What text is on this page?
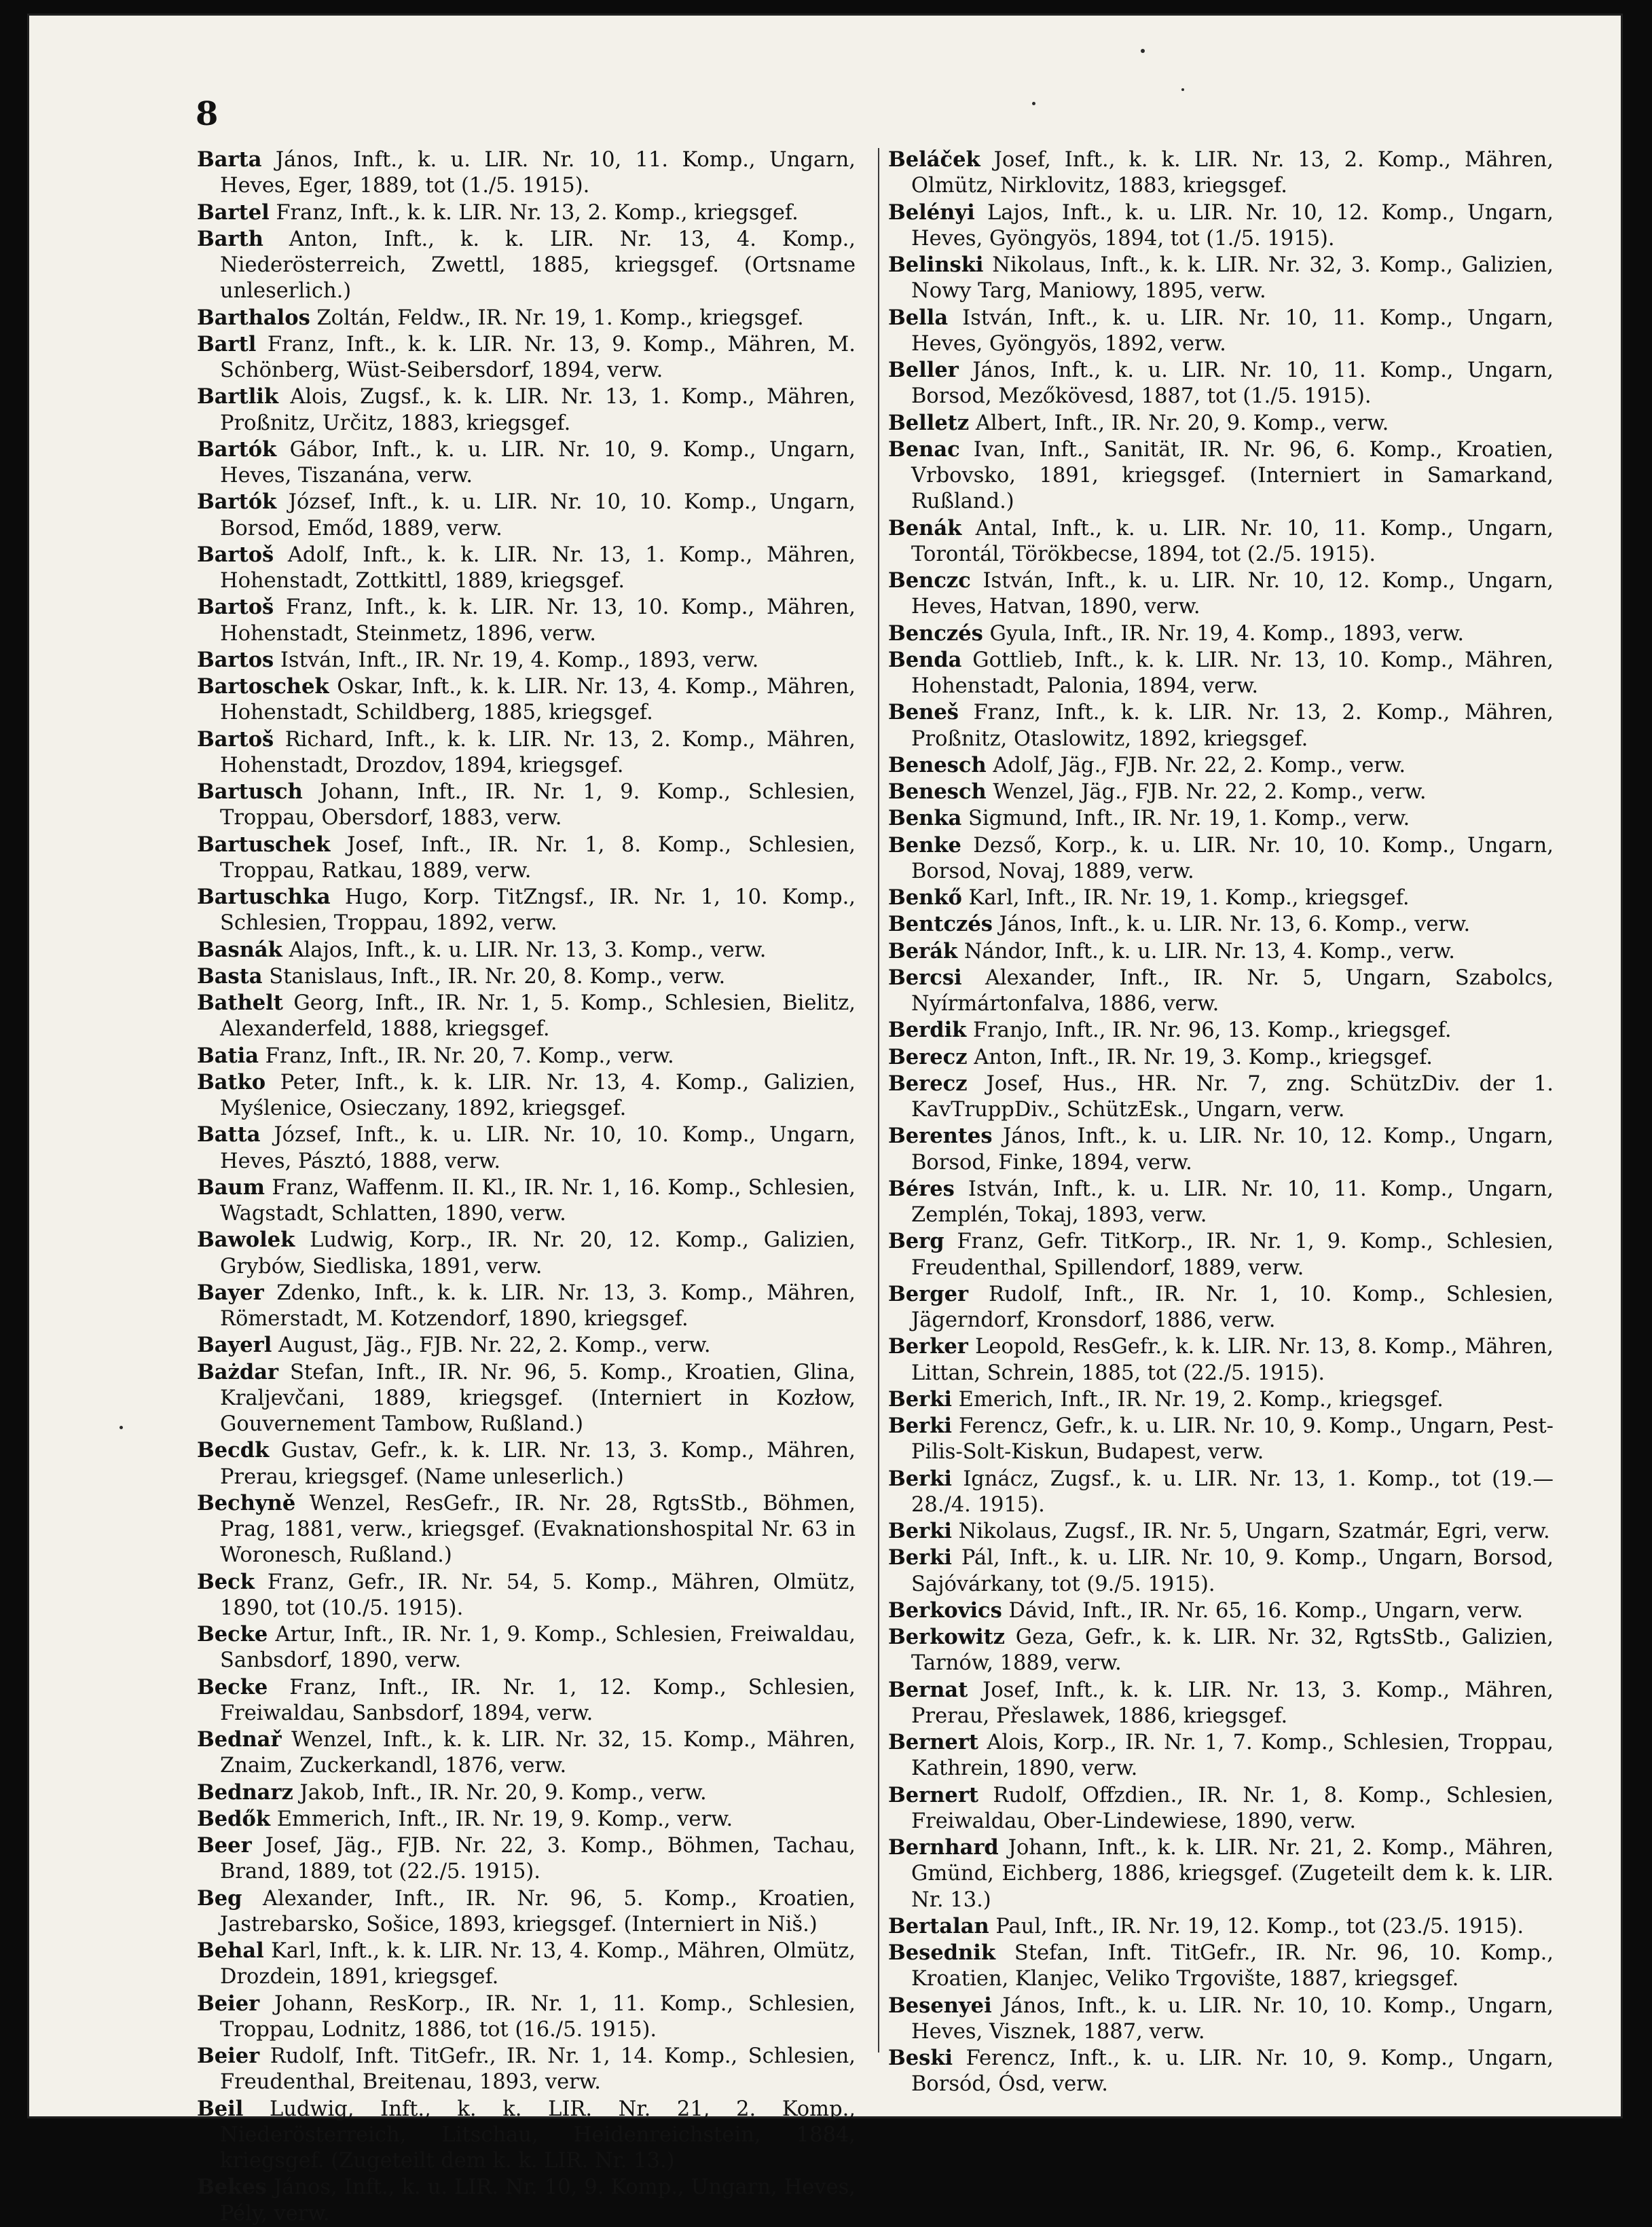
8

Barta János, Inft., k. u. LIR. Nr. 10, 11. Komp., Ungarn, Heves, Eger, 1889, tot (1./5. 1915).

Bartel Franz, Inft., k. k. LIR. Nr. 13, 2. Komp., kriegsgef.

Barth Anton, Inft., k. k. LIR. Nr. 13, 4. Komp., Niederösterreich, Zwettl, 1885, kriegsgef. (Ortsname unleserlich.)

Barthalos Zoltán, Feldw., IR. Nr. 19, 1. Komp., kriegsgef.

Bartl Franz, Inft., k. k. LIR. Nr. 13, 9. Komp., Mähren, M. Schönberg, Wüst-Seibersdorf, 1894, verw.

Bartlik Alois, Zugsf., k. k. LIR. Nr. 13, 1. Komp., Mähren, Proßnitz, Určitz, 1883, kriegsgef.

Bartók Gábor, Inft., k. u. LIR. Nr. 10, 9. Komp., Ungarn, Heves, Tiszanána, verw.

Bartók József, Inft., k. u. LIR. Nr. 10, 10. Komp., Ungarn, Borsod, Emőd, 1889, verw.

Bartoš Adolf, Inft., k. k. LIR. Nr. 13, 1. Komp., Mähren, Hohenstadt, Zottkittl, 1889, kriegsgef.

Bartoš Franz, Inft., k. k. LIR. Nr. 13, 10. Komp., Mähren, Hohenstadt, Steinmetz, 1896, verw.

Bartos István, Inft., IR. Nr. 19, 4. Komp., 1893, verw.

Bartoschek Oskar, Inft., k. k. LIR. Nr. 13, 4. Komp., Mähren, Hohenstadt, Schildberg, 1885, kriegsgef.

Bartoš Richard, Inft., k. k. LIR. Nr. 13, 2. Komp., Mähren, Hohenstadt, Drozdov, 1894, kriegsgef.

Bartusch Johann, Inft., IR. Nr. 1, 9. Komp., Schlesien, Troppau, Obersdorf, 1883, verw.

Bartuschek Josef, Inft., IR. Nr. 1, 8. Komp., Schlesien, Troppau, Ratkau, 1889, verw.

Bartuschka Hugo, Korp. TitZngsf., IR. Nr. 1, 10. Komp., Schlesien, Troppau, 1892, verw.

Basnák Alajos, Inft., k. u. LIR. Nr. 13, 3. Komp., verw.

Basta Stanislaus, Inft., IR. Nr. 20, 8. Komp., verw.

Bathelt Georg, Inft., IR. Nr. 1, 5. Komp., Schlesien, Bielitz, Alexanderfeld, 1888, kriegsgef.

Batia Franz, Inft., IR. Nr. 20, 7. Komp., verw.

Batko Peter, Inft., k. k. LIR. Nr. 13, 4. Komp., Galizien, Myślenice, Osieczany, 1892, kriegsgef.

Batta József, Inft., k. u. LIR. Nr. 10, 10. Komp., Ungarn, Heves, Pásztó, 1888, verw.

Baum Franz, Waffenm. II. Kl., IR. Nr. 1, 16. Komp., Schlesien, Wagstadt, Schlatten, 1890, verw.

Bawolek Ludwig, Korp., IR. Nr. 20, 12. Komp., Galizien, Grybów, Siedliska, 1891, verw.

Bayer Zdenko, Inft., k. k. LIR. Nr. 13, 3. Komp., Mähren, Römerstadt, M. Kotzendorf, 1890, kriegsgef.

Bayerl August, Jäg., FJB. Nr. 22, 2. Komp., verw.

Bażdar Stefan, Inft., IR. Nr. 96, 5. Komp., Kroatien, Glina, Kraljevčani, 1889, kriegsgef. (Interniert in Kozłow, Gouvernement Tambow, Rußland.)

Becdk Gustav, Gefr., k. k. LIR. Nr. 13, 3. Komp., Mähren, Prerau, kriegsgef. (Name unleserlich.)

Bechyně Wenzel, ResGefr., IR. Nr. 28, RgtsStb., Böhmen, Prag, 1881, verw., kriegsgef. (Evaknationshospital Nr. 63 in Woronesch, Rußland.)

Beck Franz, Gefr., IR. Nr. 54, 5. Komp., Mähren, Olmütz, 1890, tot (10./5. 1915).

Becke Artur, Inft., IR. Nr. 1, 9. Komp., Schlesien, Freiwaldau, Sanbsdorf, 1890, verw.

Becke Franz, Inft., IR. Nr. 1, 12. Komp., Schlesien, Freiwaldau, Sanbsdorf, 1894, verw.

Bednař Wenzel, Inft., k. k. LIR. Nr. 32, 15. Komp., Mähren, Znaim, Zuckerkandl, 1876, verw.

Bednarz Jakob, Inft., IR. Nr. 20, 9. Komp., verw.

Bedők Emmerich, Inft., IR. Nr. 19, 9. Komp., verw.

Beer Josef, Jäg., FJB. Nr. 22, 3. Komp., Böhmen, Tachau, Brand, 1889, tot (22./5. 1915).

Beg Alexander, Inft., IR. Nr. 96, 5. Komp., Kroatien, Jastrebarsko, Sošice, 1893, kriegsgef. (Interniert in Niš.)

Behal Karl, Inft., k. k. LIR. Nr. 13, 4. Komp., Mähren, Olmütz, Drozdein, 1891, kriegsgef.

Beier Johann, ResKorp., IR. Nr. 1, 11. Komp., Schlesien, Troppau, Lodnitz, 1886, tot (16./5. 1915).

Beier Rudolf, Inft. TitGefr., IR. Nr. 1, 14. Komp., Schlesien, Freudenthal, Breitenau, 1893, verw.

Beil Ludwig, Inft., k. k. LIR. Nr. 21, 2. Komp., Niederösterreich, Litschau, Heidenreichstein, 1884, kriegsgef. (Zugeteilt dem k. k. LIR. Nr. 13.)

Bekes János, Inft., k. u. LIR. Nr. 10, 9. Komp., Ungarn, Heves, Pély, verw.

Beláček Josef, Inft., k. k. LIR. Nr. 13, 2. Komp., Mähren, Olmütz, Nirklovitz, 1883, kriegsgef.

Belényi Lajos, Inft., k. u. LIR. Nr. 10, 12. Komp., Ungarn, Heves, Gyöngyös, 1894, tot (1./5. 1915).

Belinski Nikolaus, Inft., k. k. LIR. Nr. 32, 3. Komp., Galizien, Nowy Targ, Maniowy, 1895, verw.

Bella István, Inft., k. u. LIR. Nr. 10, 11. Komp., Ungarn, Heves, Gyöngyös, 1892, verw.

Beller János, Inft., k. u. LIR. Nr. 10, 11. Komp., Ungarn, Borsod, Mezőkövesd, 1887, tot (1./5. 1915).

Belletz Albert, Inft., IR. Nr. 20, 9. Komp., verw.

Benac Ivan, Inft., Sanität, IR. Nr. 96, 6. Komp., Kroatien, Vrbovsko, 1891, kriegsgef. (Interniert in Samarkand, Rußland.)

Benák Antal, Inft., k. u. LIR. Nr. 10, 11. Komp., Ungarn, Torontál, Törökbecse, 1894, tot (2./5. 1915).

Benczc István, Inft., k. u. LIR. Nr. 10, 12. Komp., Ungarn, Heves, Hatvan, 1890, verw.

Benczés Gyula, Inft., IR. Nr. 19, 4. Komp., 1893, verw.

Benda Gottlieb, Inft., k. k. LIR. Nr. 13, 10. Komp., Mähren, Hohenstadt, Palonia, 1894, verw.

Beneš Franz, Inft., k. k. LIR. Nr. 13, 2. Komp., Mähren, Proßnitz, Otaslowitz, 1892, kriegsgef.

Benesch Adolf, Jäg., FJB. Nr. 22, 2. Komp., verw.

Benesch Wenzel, Jäg., FJB. Nr. 22, 2. Komp., verw.

Benka Sigmund, Inft., IR. Nr. 19, 1. Komp., verw.

Benke Dezső, Korp., k. u. LIR. Nr. 10, 10. Komp., Ungarn, Borsod, Novaj, 1889, verw.

Benkő Karl, Inft., IR. Nr. 19, 1. Komp., kriegsgef.

Bentczés János, Inft., k. u. LIR. Nr. 13, 6. Komp., verw.

Berák Nándor, Inft., k. u. LIR. Nr. 13, 4. Komp., verw.

Bercsi Alexander, Inft., IR. Nr. 5, Ungarn, Szabolcs, Nyírmártonfalva, 1886, verw.

Berdik Franjo, Inft., IR. Nr. 96, 13. Komp., kriegsgef.

Berecz Anton, Inft., IR. Nr. 19, 3. Komp., kriegsgef.

Berecz Josef, Hus., HR. Nr. 7, zng. SchützDiv. der 1. KavTruppDiv., SchützEsk., Ungarn, verw.

Berentes János, Inft., k. u. LIR. Nr. 10, 12. Komp., Ungarn, Borsod, Finke, 1894, verw.

Béres István, Inft., k. u. LIR. Nr. 10, 11. Komp., Ungarn, Zemplén, Tokaj, 1893, verw.

Berg Franz, Gefr. TitKorp., IR. Nr. 1, 9. Komp., Schlesien, Freudenthal, Spillendorf, 1889, verw.

Berger Rudolf, Inft., IR. Nr. 1, 10. Komp., Schlesien, Jägerndorf, Kronsdorf, 1886, verw.

Berker Leopold, ResGefr., k. k. LIR. Nr. 13, 8. Komp., Mähren, Littan, Schrein, 1885, tot (22./5. 1915).

Berki Emerich, Inft., IR. Nr. 19, 2. Komp., kriegsgef.

Berki Ferencz, Gefr., k. u. LIR. Nr. 10, 9. Komp., Ungarn, Pest-Pilis-Solt-Kiskun, Budapest, verw.

Berki Ignácz, Zugsf., k. u. LIR. Nr. 13, 1. Komp., tot (19.—28./4. 1915).

Berki Nikolaus, Zugsf., IR. Nr. 5, Ungarn, Szatmár, Egri, verw.

Berki Pál, Inft., k. u. LIR. Nr. 10, 9. Komp., Ungarn, Borsod, Sajóvárkany, tot (9./5. 1915).

Berkovics Dávid, Inft., IR. Nr. 65, 16. Komp., Ungarn, verw.

Berkowitz Geza, Gefr., k. k. LIR. Nr. 32, RgtsStb., Galizien, Tarnów, 1889, verw.

Bernat Josef, Inft., k. k. LIR. Nr. 13, 3. Komp., Mähren, Prerau, Přeslawek, 1886, kriegsgef.

Bernert Alois, Korp., IR. Nr. 1, 7. Komp., Schlesien, Troppau, Kathrein, 1890, verw.

Bernert Rudolf, Offzdien., IR. Nr. 1, 8. Komp., Schlesien, Freiwaldau, Ober-Lindewiese, 1890, verw.

Bernhard Johann, Inft., k. k. LIR. Nr. 21, 2. Komp., Mähren, Gmünd, Eichberg, 1886, kriegsgef. (Zugeteilt dem k. k. LIR. Nr. 13.)

Bertalan Paul, Inft., IR. Nr. 19, 12. Komp., tot (23./5. 1915).

Besednik Stefan, Inft. TitGefr., IR. Nr. 96, 10. Komp., Kroatien, Klanjec, Veliko Trgovište, 1887, kriegsgef.

Besenyei János, Inft., k. u. LIR. Nr. 10, 10. Komp., Ungarn, Heves, Visznek, 1887, verw.

Beski Ferencz, Inft., k. u. LIR. Nr. 10, 9. Komp., Ungarn, Borsód, Ósd, verw.
